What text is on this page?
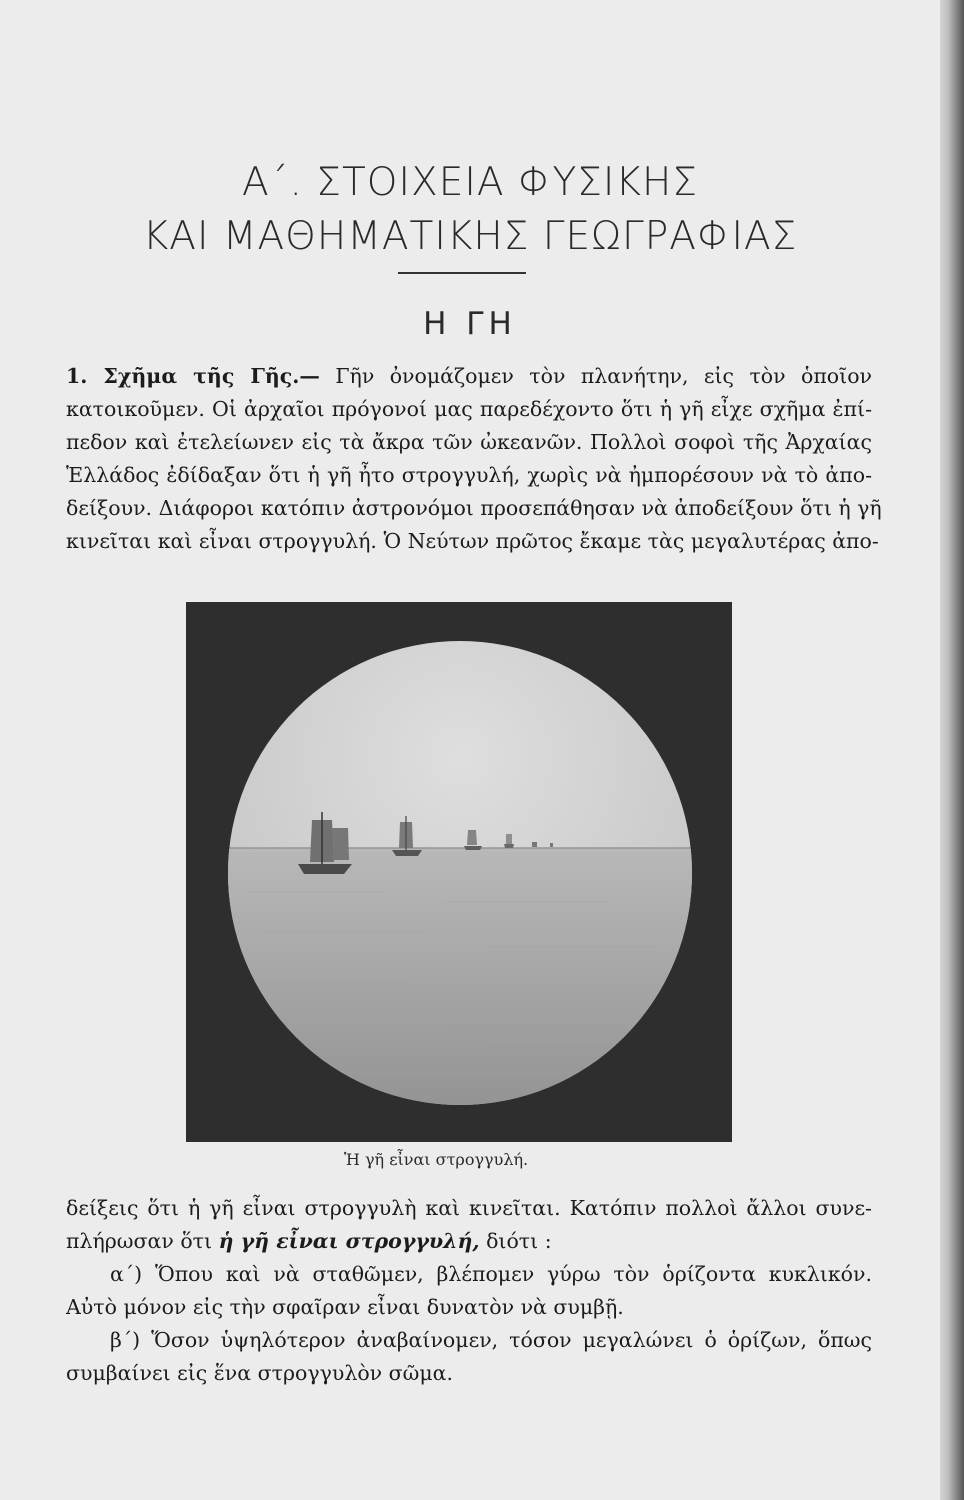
Α΄. ΣΤΟΙΧΕΙΑ ΦΥΣΙΚΗΣ
ΚΑΙ ΜΑΘΗΜΑΤΙΚΗΣ ΓΕΩΓΡΑΦΙΑΣ
Η ΓΗ
1. Σχῆμα τῆς Γῆς.— Γῆν ὀνομάζομεν τὸν πλανήτην, εἰς τὸν ὁποῖον
κατοικοῦμεν. Οἱ ἀρχαῖοι πρόγονοί μας παρεδέχοντο ὅτι ἡ γῆ εἶχε σχῆμα ἐπί-
πεδον καὶ ἐτελείωνεν εἰς τὰ ἄκρα τῶν ὠκεανῶν. Πολλοὶ σοφοὶ τῆς Ἀρχαίας
Ἑλλάδος ἐδίδαξαν ὅτι ἡ γῆ ἦτο στρογγυλή, χωρὶς νὰ ἠμπορέσουν νὰ τὸ ἀπο-
δείξουν. Διάφοροι κατόπιν ἀστρονόμοι προσεπάθησαν νὰ ἀποδείξουν ὅτι ἡ γῆ
κινεῖται καὶ εἶναι στρογγυλή. Ὁ Νεύτων πρῶτος ἔκαμε τὰς μεγαλυτέρας ἀπο-
Ἡ γῆ εἶναι στρογγυλή.
δείξεις ὅτι ἡ γῆ εἶναι στρογγυλὴ καὶ κινεῖται. Κατόπιν πολλοὶ ἄλλοι συνε-
πλήρωσαν ὅτι ἡ γῆ εἶναι στρογγυλή, διότι :
α΄) Ὅπου καὶ νὰ σταθῶμεν, βλέπομεν γύρω τὸν ὁρίζοντα κυκλικόν.
Αὐτὸ μόνον εἰς τὴν σφαῖραν εἶναι δυνατὸν νὰ συμβῇ.
β΄) Ὅσον ὑψηλότερον ἀναβαίνομεν, τόσον μεγαλώνει ὁ ὁρίζων, ὅπως
συμβαίνει εἰς ἕνα στρογγυλὸν σῶμα.
